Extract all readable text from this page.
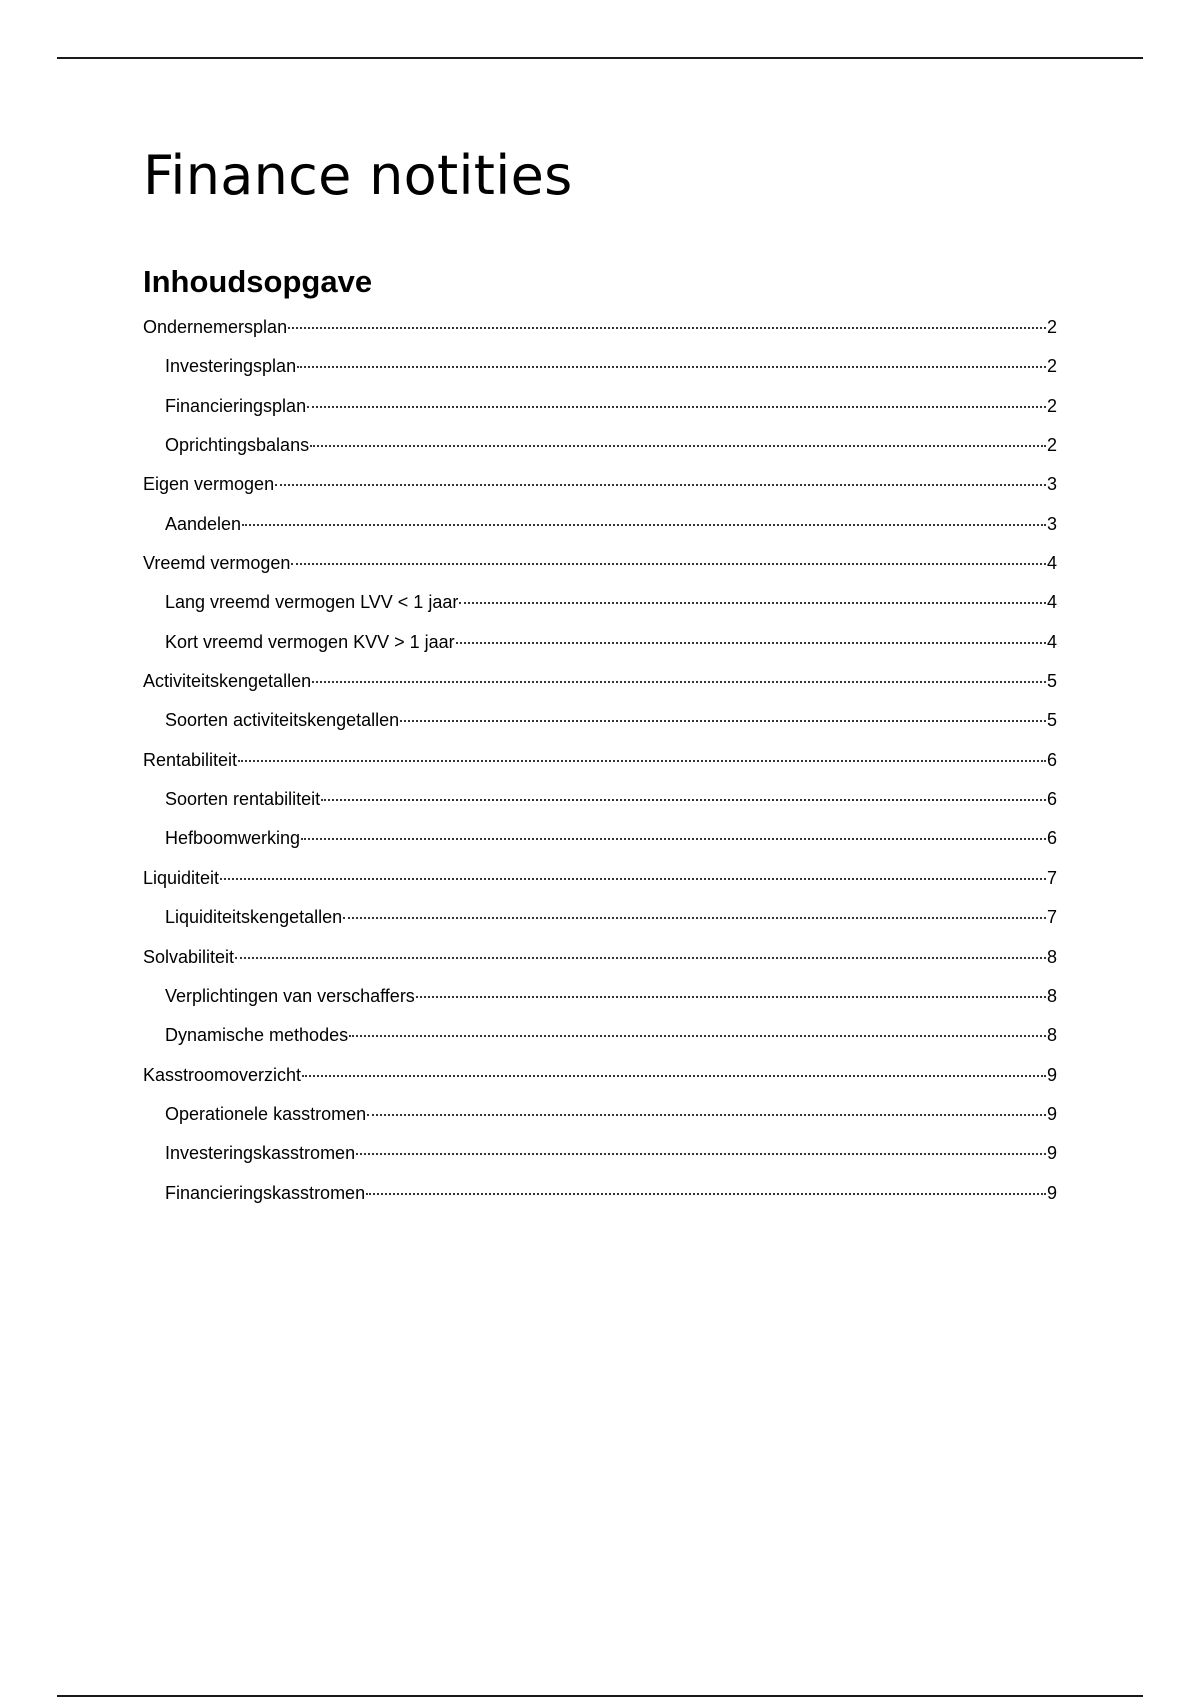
Finance notities
Inhoudsopgave
Ondernemersplan	2
Investeringsplan	2
Financieringsplan	2
Oprichtingsbalans	2
Eigen vermogen	3
Aandelen	3
Vreemd vermogen	4
Lang vreemd vermogen LVV < 1 jaar	4
Kort vreemd vermogen KVV > 1 jaar	4
Activiteitskengetallen	5
Soorten activiteitskengetallen	5
Rentabiliteit	6
Soorten rentabiliteit	6
Hefboomwerking	6
Liquiditeit	7
Liquiditeitskengetallen	7
Solvabiliteit	8
Verplichtingen van verschaffers	8
Dynamische methodes	8
Kasstroomoverzicht	9
Operationele kasstromen	9
Investeringskasstromen	9
Financieringskasstromen	9
